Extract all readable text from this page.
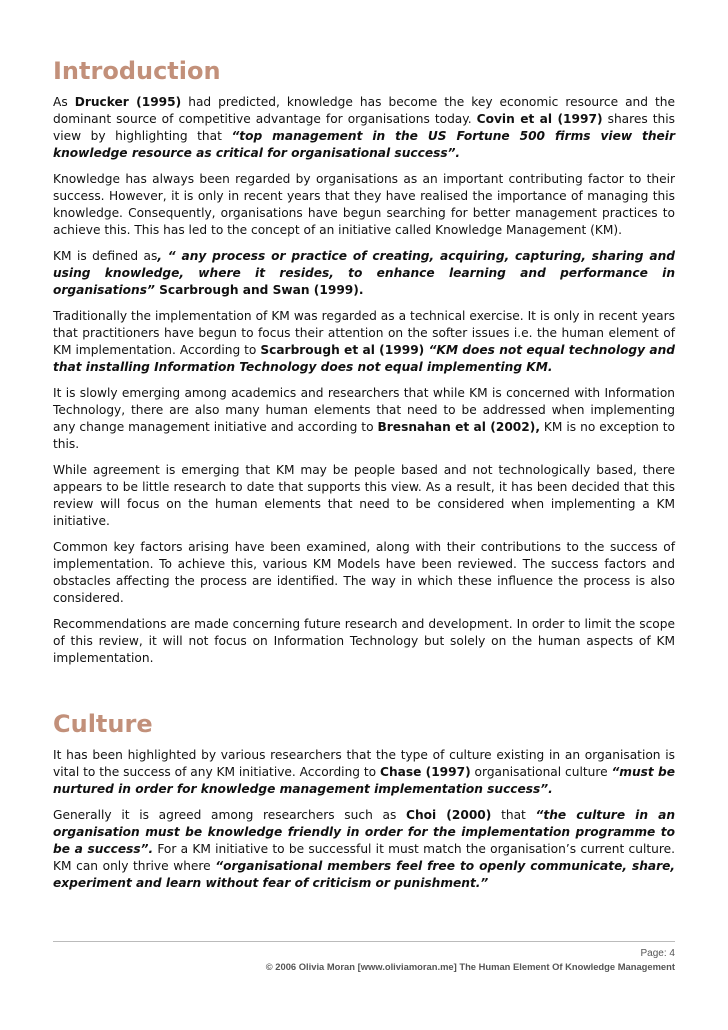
Introduction

As Drucker (1995) had predicted, knowledge has become the key economic resource and the dominant source of competitive advantage for organisations today. Covin et al (1997) shares this view by highlighting that “top management in the US Fortune 500 firms view their knowledge resource as critical for organisational success”.

Knowledge has always been regarded by organisations as an important contributing factor to their success. However, it is only in recent years that they have realised the importance of managing this knowledge. Consequently, organisations have begun searching for better management practices to achieve this. This has led to the concept of an initiative called Knowledge Management (KM).

KM is defined as, “ any process or practice of creating, acquiring, capturing, sharing and using knowledge, where it resides, to enhance learning and performance in organisations” Scarbrough and Swan (1999).

Traditionally the implementation of KM was regarded as a technical exercise. It is only in recent years that practitioners have begun to focus their attention on the softer issues i.e. the human element of KM implementation. According to Scarbrough et al (1999) “KM does not equal technology and that installing Information Technology does not equal implementing KM.

It is slowly emerging among academics and researchers that while KM is concerned with Information Technology, there are also many human elements that need to be addressed when implementing any change management initiative and according to Bresnahan et al (2002), KM is no exception to this.

While agreement is emerging that KM may be people based and not technologically based, there appears to be little research to date that supports this view. As a result, it has been decided that this review will focus on the human elements that need to be considered when implementing a KM initiative.

Common key factors arising have been examined, along with their contributions to the success of implementation. To achieve this, various KM Models have been reviewed. The success factors and obstacles affecting the process are identified. The way in which these influence the process is also considered.

Recommendations are made concerning future research and development. In order to limit the scope of this review, it will not focus on Information Technology but solely on the human aspects of KM implementation.

Culture

It has been highlighted by various researchers that the type of culture existing in an organisation is vital to the success of any KM initiative. According to Chase (1997) organisational culture “must be nurtured in order for knowledge management implementation success”.

Generally it is agreed among researchers such as Choi (2000) that “the culture in an organisation must be knowledge friendly in order for the implementation programme to be a success”. For a KM initiative to be successful it must match the organisation’s current culture. KM can only thrive where “organisational members feel free to openly communicate, share, experiment and learn without fear of criticism or punishment.”

Page: 4
© 2006 Olivia Moran [www.oliviamoran.me] The Human Element Of Knowledge Management
